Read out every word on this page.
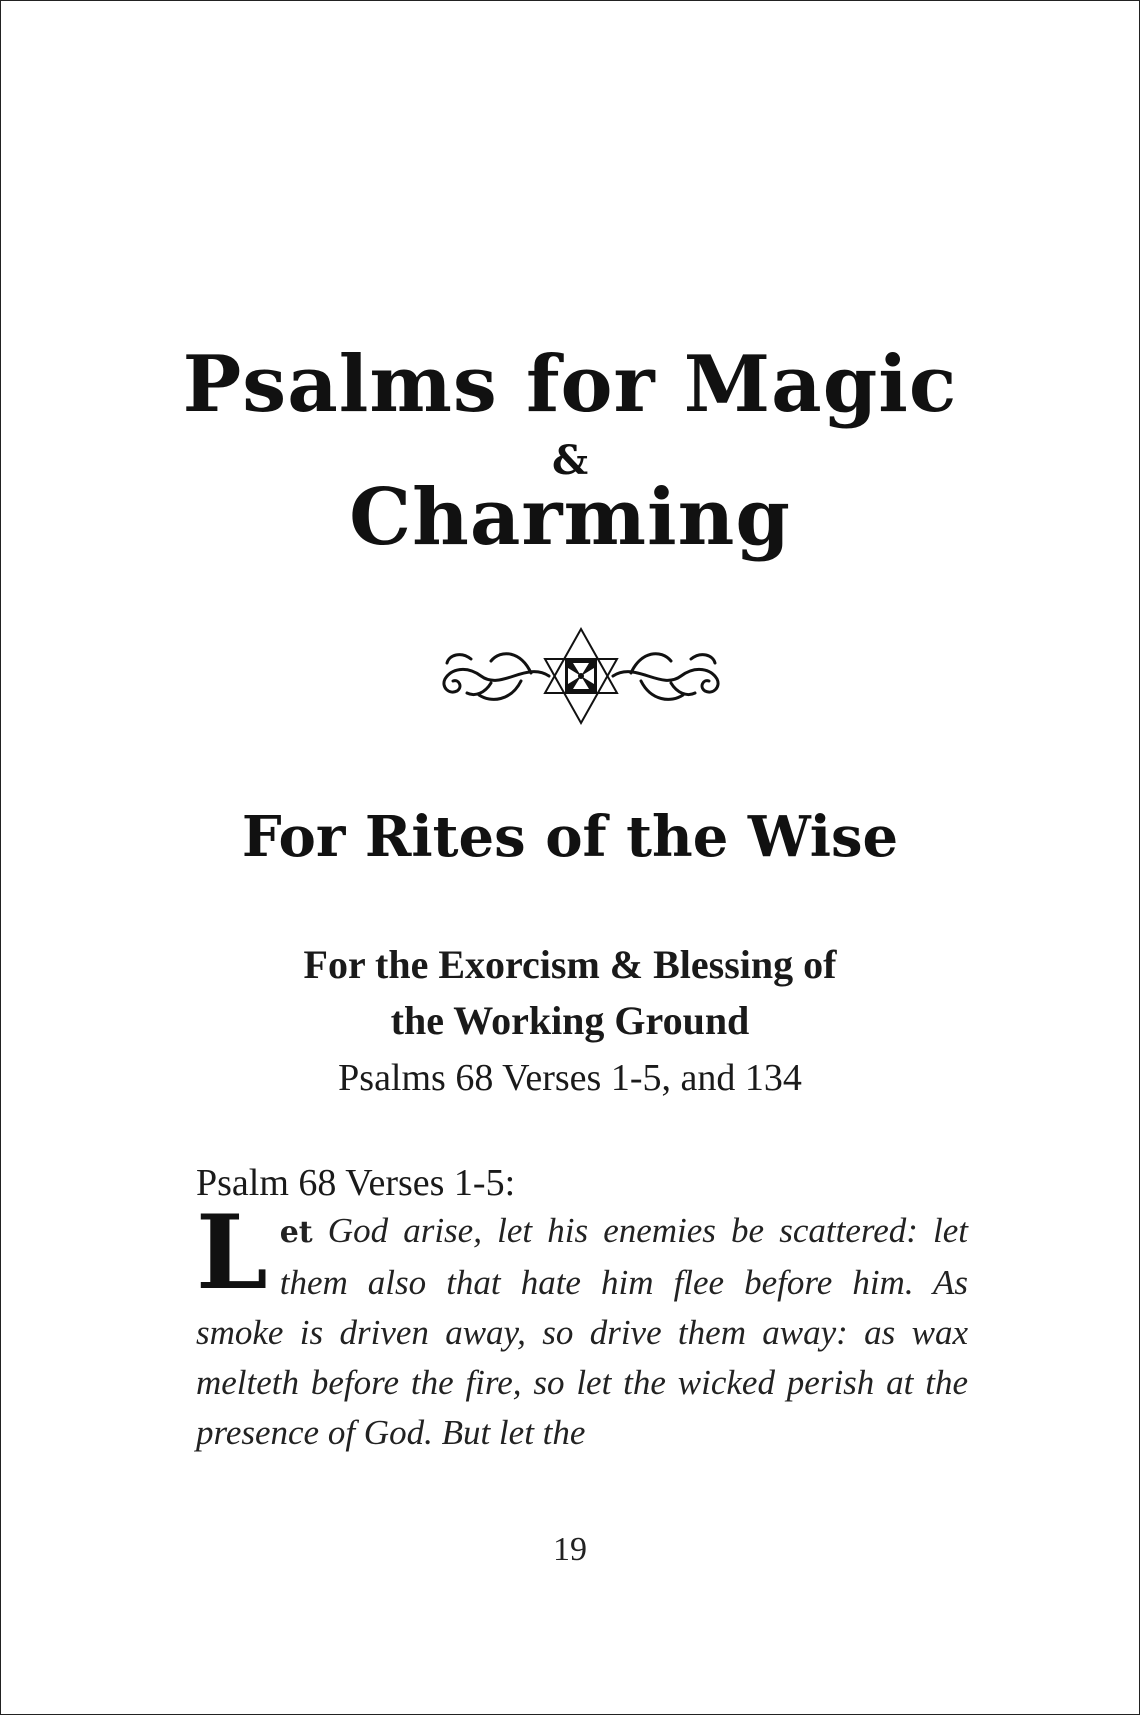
Psalms for Magic
&
Charming
For Rites of the Wise
For the Exorcism & Blessing of
the Working Ground
Psalms 68 Verses 1-5, and 134
Psalm 68 Verses 1-5:
Let God arise, let his enemies be scattered: let them also that hate him flee before him. As smoke is driven away, so drive them away: as wax melteth before the fire, so let the wicked perish at the presence of God. But let the
19
